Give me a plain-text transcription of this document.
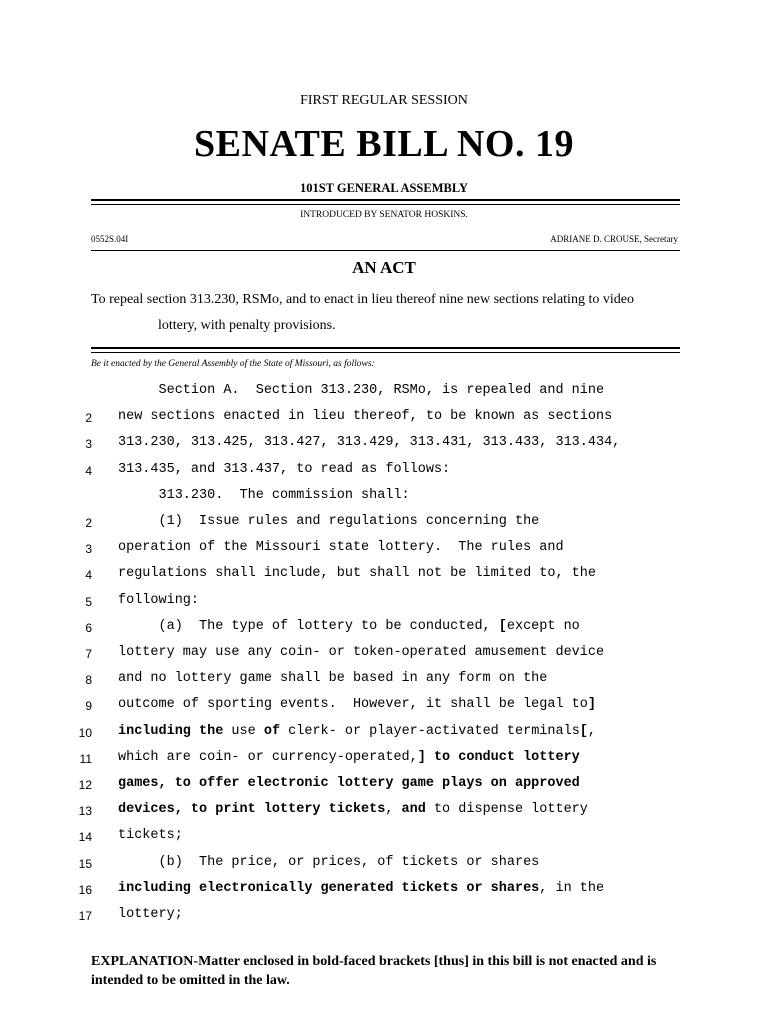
FIRST REGULAR SESSION
SENATE BILL NO. 19
101ST GENERAL ASSEMBLY
INTRODUCED BY SENATOR HOSKINS.
0552S.04I	ADRIANE D. CROUSE, Secretary
AN ACT
To repeal section 313.230, RSMo, and to enact in lieu thereof nine new sections relating to video
lottery, with penalty provisions.
Be it enacted by the General Assembly of the State of Missouri, as follows:
Section A.  Section 313.230, RSMo, is repealed and nine
2 new sections enacted in lieu thereof, to be known as sections
3 313.230, 313.425, 313.427, 313.429, 313.431, 313.433, 313.434,
4 313.435, and 313.437, to read as follows:
313.230.  The commission shall:
2 (1)  Issue rules and regulations concerning the
3 operation of the Missouri state lottery.  The rules and
4 regulations shall include, but shall not be limited to, the
5 following:
6 (a)  The type of lottery to be conducted, [except no
7 lottery may use any coin- or token-operated amusement device
8 and no lottery game shall be based in any form on the
9 outcome of sporting events.  However, it shall be legal to]
10 including the use of clerk- or player-activated terminals[,
11 which are coin- or currency-operated,] to conduct lottery
12 games, to offer electronic lottery game plays on approved
13 devices, to print lottery tickets, and to dispense lottery
14 tickets;
15 (b)  The price, or prices, of tickets or shares
16 including electronically generated tickets or shares, in the
17 lottery;
EXPLANATION-Matter enclosed in bold-faced brackets [thus] in this bill is not enacted and is intended to be omitted in the law.
